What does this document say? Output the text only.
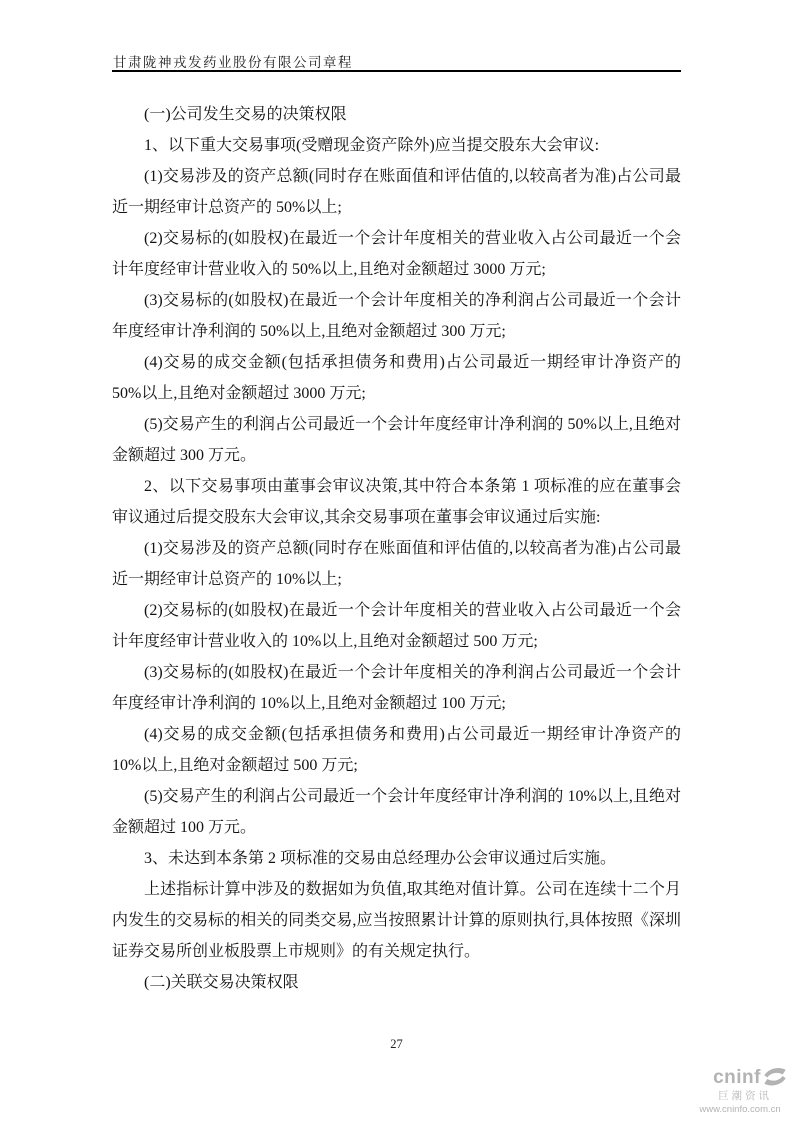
甘肃陇神戎发药业股份有限公司章程

(一)公司发生交易的决策权限

1、以下重大交易事项(受赠现金资产除外)应当提交股东大会审议:

(1)交易涉及的资产总额(同时存在账面值和评估值的,以较高者为准)占公司最近一期经审计总资产的 50%以上;

(2)交易标的(如股权)在最近一个会计年度相关的营业收入占公司最近一个会计年度经审计营业收入的 50%以上,且绝对金额超过 3000 万元;

(3)交易标的(如股权)在最近一个会计年度相关的净利润占公司最近一个会计年度经审计净利润的 50%以上,且绝对金额超过 300 万元;

(4)交易的成交金额(包括承担债务和费用)占公司最近一期经审计净资产的 50%以上,且绝对金额超过 3000 万元;

(5)交易产生的利润占公司最近一个会计年度经审计净利润的 50%以上,且绝对金额超过 300 万元。

2、以下交易事项由董事会审议决策,其中符合本条第 1 项标准的应在董事会审议通过后提交股东大会审议,其余交易事项在董事会审议通过后实施:

(1)交易涉及的资产总额(同时存在账面值和评估值的,以较高者为准)占公司最近一期经审计总资产的 10%以上;

(2)交易标的(如股权)在最近一个会计年度相关的营业收入占公司最近一个会计年度经审计营业收入的 10%以上,且绝对金额超过 500 万元;

(3)交易标的(如股权)在最近一个会计年度相关的净利润占公司最近一个会计年度经审计净利润的 10%以上,且绝对金额超过 100 万元;

(4)交易的成交金额(包括承担债务和费用)占公司最近一期经审计净资产的 10%以上,且绝对金额超过 500 万元;

(5)交易产生的利润占公司最近一个会计年度经审计净利润的 10%以上,且绝对金额超过 100 万元。

3、未达到本条第 2 项标准的交易由总经理办公会审议通过后实施。

上述指标计算中涉及的数据如为负值,取其绝对值计算。公司在连续十二个月内发生的交易标的相关的同类交易,应当按照累计计算的原则执行,具体按照《深圳证券交易所创业板股票上市规则》的有关规定执行。

(二)关联交易决策权限

27
cninf
巨潮资讯
www.cninfo.com.cn
